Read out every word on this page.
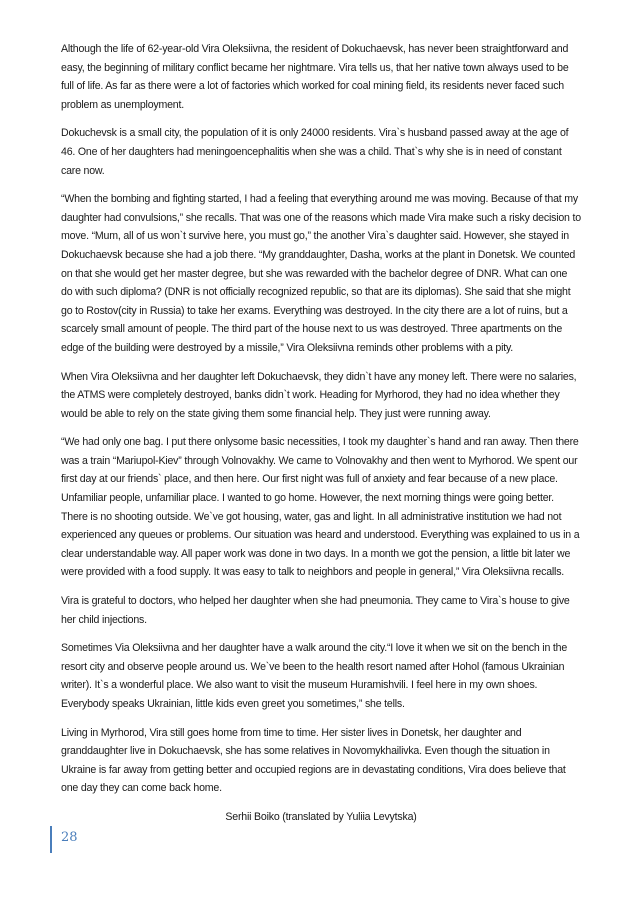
Although the life of 62-year-old Vira Oleksiivna, the resident of Dokuchaevsk, has never been straightforward and easy, the beginning of military conflict became her nightmare. Vira tells us, that her native town always used to be full of life. As far as there were a lot of factories which worked for coal mining field, its residents never faced such problem as unemployment.

Dokuchevsk is a small city, the population of it is only 24000 residents. Vira`s husband passed away at the age of 46. One of her daughters had meningoencephalitis when she was a child. That`s why she is in need of constant care now.

“When the bombing and fighting started, I had a feeling that everything around me was moving. Because of that my daughter had convulsions,” she recalls. That was one of the reasons which made Vira make such a risky decision to move. “Mum, all of us won`t survive here, you must go,” the another Vira`s daughter said. However, she stayed in Dokuchaevsk because she had a job there. “My granddaughter, Dasha, works at the plant in Donetsk. We counted on that she would get her master degree, but she was rewarded with the bachelor degree of DNR. What can one do with such diploma? (DNR is not officially recognized republic, so that are its diplomas). She said that she might go to Rostov(city in Russia) to take her exams. Everything was destroyed. In the city there are a lot of ruins, but a scarcely small amount of people. The third part of the house next to us was destroyed. Three apartments on the edge of the building were destroyed by a missile,” Vira Oleksiivna reminds other problems with a pity.

When Vira Oleksiivna and her daughter left Dokuchaevsk, they didn`t have any money left. There were no salaries, the ATMS were completely destroyed, banks didn`t work. Heading for Myrhorod, they had no idea whether they would be able to rely on the state giving them some financial help. They just were running away.

“We had only one bag. I put there onlysome basic necessities, I took my daughter`s hand and ran away. Then there was a train “Mariupol-Kiev” through Volnovakhy. We came to Volnovakhy and then went to Myrhorod. We spent our first day at our friends` place, and then here. Our first night was full of anxiety and fear because of a new place. Unfamiliar people, unfamiliar place. I wanted to go home. However, the next morning things were going better. There is no shooting outside. We`ve got housing, water, gas and light. In all administrative institution we had not experienced any queues or problems. Our situation was heard and understood. Everything was explained to us in a clear understandable way. All paper work was done in two days. In a month we got the pension, a little bit later we were provided with a food supply. It was easy to talk to neighbors and people in general,” Vira Oleksiivna recalls.

Vira is grateful to doctors, who helped her daughter when she had pneumonia. They came to Vira`s house to give her child injections.

Sometimes Via Oleksiivna and her daughter have a walk around the city.“I love it when we sit on the bench in the resort city and observe people around us. We`ve been to the health resort named after Hohol (famous Ukrainian writer). It`s a wonderful place. We also want to visit the museum Huramishvili. I feel here in my own shoes. Everybody speaks Ukrainian, little kids even greet you sometimes,” she tells.

Living in Myrhorod, Vira still goes home from time to time. Her sister lives in Donetsk, her daughter and granddaughter live in Dokuchaevsk, she has some relatives in Novomykhailivka. Even though the situation in Ukraine is far away from getting better and occupied regions are in devastating conditions, Vira does believe that one day they can come back home.

Serhii Boiko (translated by Yuliia Levytska)
28
